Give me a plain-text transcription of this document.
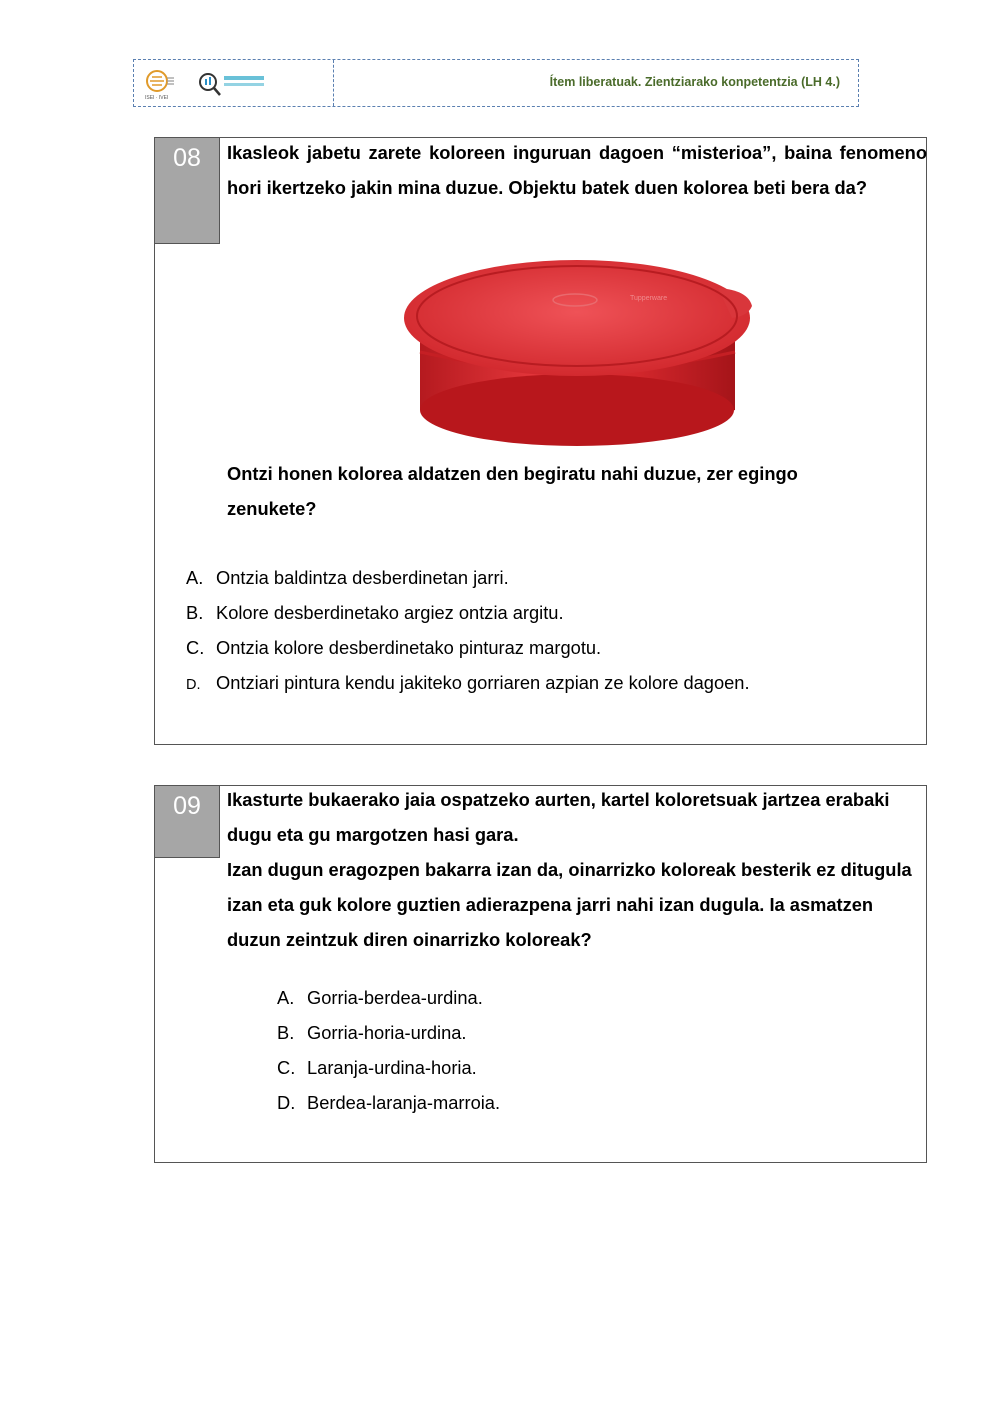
ISEI · IVEI
Ítem liberatuak. Zientziarako konpetentzia (LH 4.)
08	Ikasleok jabetu zarete koloreen inguruan dagoen “misterioa”, baina fenomeno hori ikertzeko jakin mina duzue. Objektu batek duen kolorea beti bera da?
Tupperware
Ontzi honen kolorea aldatzen den begiratu nahi duzue, zer egingo zenukete?
A. Ontzia baldintza desberdinetan jarri.
B. Kolore desberdinetako argiez ontzia argitu.
C. Ontzia kolore desberdinetako pinturaz margotu.
D. Ontziari pintura kendu jakiteko gorriaren azpian ze kolore dagoen.
09	Ikasturte bukaerako jaia ospatzeko aurten, kartel koloretsuak jartzea erabaki dugu eta gu margotzen hasi gara.
Izan dugun eragozpen bakarra izan da, oinarrizko koloreak besterik ez ditugula izan eta guk kolore guztien adierazpena jarri nahi izan dugula. Ia asmatzen duzun zeintzuk diren oinarrizko koloreak?
A. Gorria-berdea-urdina.
B. Gorria-horia-urdina.
C. Laranja-urdina-horia.
D. Berdea-laranja-marroia.
